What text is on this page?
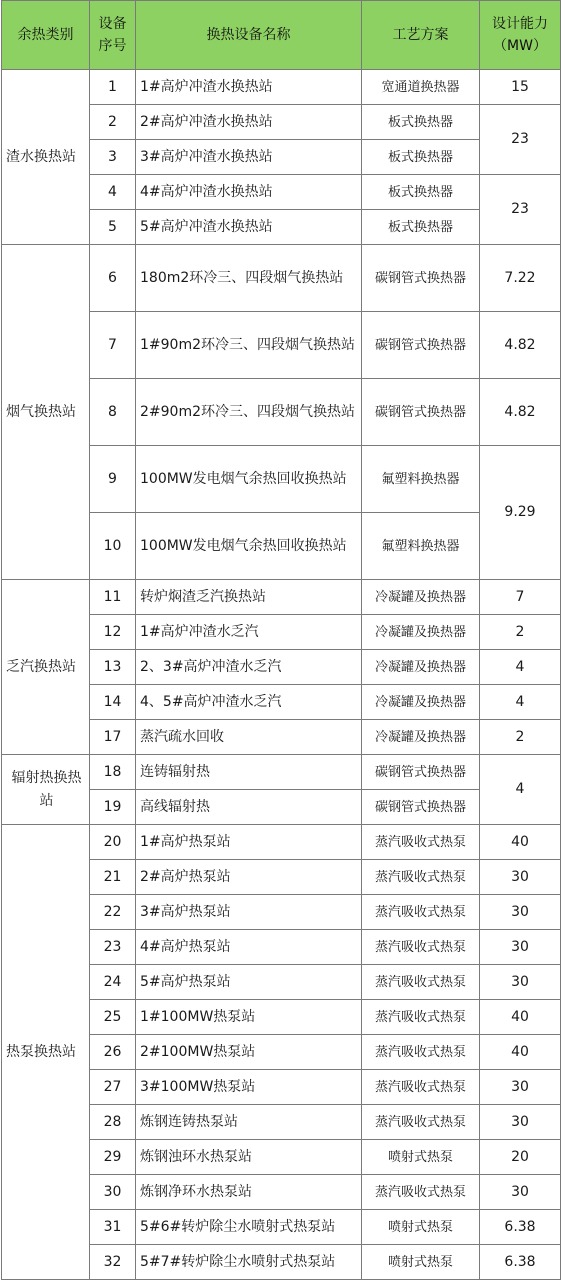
余热类别	设备序号	换热设备名称	工艺方案	设计能力（MW）
渣水换热站	1	1#高炉冲渣水换热站	宽通道换热器	15
	2	2#高炉冲渣水换热站	板式换热器	23
	3	3#高炉冲渣水换热站	板式换热器	
	4	4#高炉冲渣水换热站	板式换热器	23
	5	5#高炉冲渣水换热站	板式换热器	
烟气换热站	6	180m2环冷三、四段烟气换热站	碳钢管式换热器	7.22
	7	1#90m2环冷三、四段烟气换热站	碳钢管式换热器	4.82
	8	2#90m2环冷三、四段烟气换热站	碳钢管式换热器	4.82
	9	100MW发电烟气余热回收换热站	氟塑料换热器	9.29
	10	100MW发电烟气余热回收换热站	氟塑料换热器	
乏汽换热站	11	转炉焖渣乏汽换热站	冷凝罐及换热器	7
	12	1#高炉冲渣水乏汽	冷凝罐及换热器	2
	13	2、3#高炉冲渣水乏汽	冷凝罐及换热器	4
	14	4、5#高炉冲渣水乏汽	冷凝罐及换热器	4
	17	蒸汽疏水回收	冷凝罐及换热器	2
辐射热换热站	18	连铸辐射热	碳钢管式换热器	4
	19	高线辐射热	碳钢管式换热器	
热泵换热站	20	1#高炉热泵站	蒸汽吸收式热泵	40
	21	2#高炉热泵站	蒸汽吸收式热泵	30
	22	3#高炉热泵站	蒸汽吸收式热泵	30
	23	4#高炉热泵站	蒸汽吸收式热泵	30
	24	5#高炉热泵站	蒸汽吸收式热泵	30
	25	1#100MW热泵站	蒸汽吸收式热泵	40
	26	2#100MW热泵站	蒸汽吸收式热泵	40
	27	3#100MW热泵站	蒸汽吸收式热泵	30
	28	炼钢连铸热泵站	蒸汽吸收式热泵	30
	29	炼钢浊环水热泵站	喷射式热泵	20
	30	炼钢净环水热泵站	蒸汽吸收式热泵	30
	31	5#6#转炉除尘水喷射式热泵站	喷射式热泵	6.38
	32	5#7#转炉除尘水喷射式热泵站	喷射式热泵	6.38
